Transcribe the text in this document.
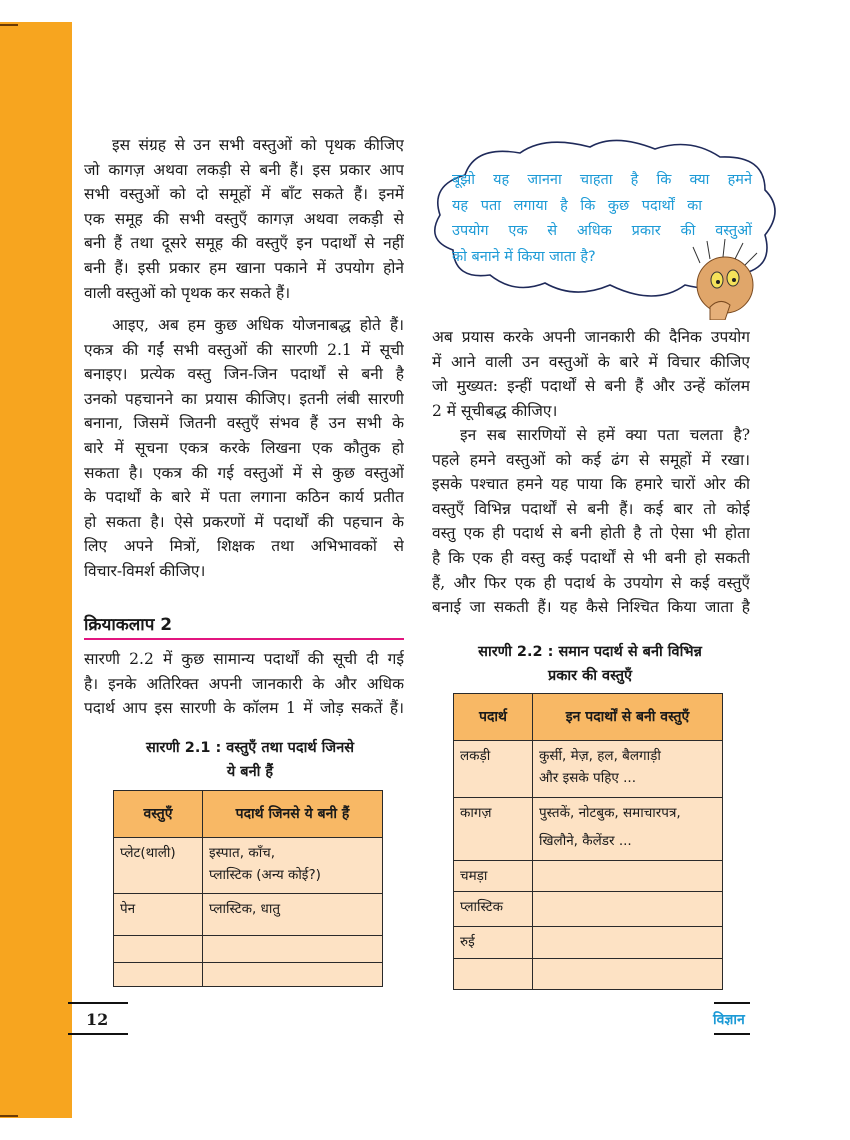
इस संग्रह से उन सभी वस्तुओं को पृथक कीजिए
जो कागज़ अथवा लकड़ी से बनी हैं। इस प्रकार आप
सभी वस्तुओं को दो समूहों में बाँट सकते हैं। इनमें
एक समूह की सभी वस्तुएँ कागज़ अथवा लकड़ी से
बनी हैं तथा दूसरे समूह की वस्तुएँ इन पदार्थों से नहीं
बनी हैं। इसी प्रकार हम खाना पकाने में उपयोग होने
वाली वस्तुओं को पृथक कर सकते हैं।
आइए, अब हम कुछ अधिक योजनाबद्ध होते हैं।
एकत्र की गईं सभी वस्तुओं की सारणी 2.1 में सूची
बनाइए। प्रत्येक वस्तु जिन-जिन पदार्थों से बनी है
उनको पहचानने का प्रयास कीजिए। इतनी लंबी सारणी
बनाना, जिसमें जितनी वस्तुएँ संभव हैं उन सभी के
बारे में सूचना एकत्र करके लिखना एक कौतुक हो
सकता है। एकत्र की गई वस्तुओं में से कुछ वस्तुओं
के पदार्थों के बारे में पता लगाना कठिन कार्य प्रतीत
हो सकता है। ऐसे प्रकरणों में पदार्थों की पहचान के
लिए अपने मित्रों, शिक्षक तथा अभिभावकों से
विचार-विमर्श कीजिए।
क्रियाकलाप 2
सारणी 2.2 में कुछ सामान्य पदार्थों की सूची दी गई
है। इनके अतिरिक्त अपनी जानकारी के और अधिक
पदार्थ आप इस सारणी के कॉलम 1 में जोड़ सकतें हैं।
सारणी 2.1 : वस्तुएँ तथा पदार्थ जिनसे
ये बनी हैं
वस्तुएँ	पदार्थ जिनसे ये बनी हैं
प्लेट(थाली)	इस्पात, काँच,
प्लास्टिक (अन्य कोई?)

पेन	प्लास्टिक, धातु

बूझो यह जानना चाहता है कि क्या हमने
यह पता लगाया है कि कुछ पदार्थों का
उपयोग एक से अधिक प्रकार की वस्तुओं
को बनाने में किया जाता है?
अब प्रयास करके अपनी जानकारी की दैनिक उपयोग
में आने वाली उन वस्तुओं के बारे में विचार कीजिए
जो मुख्यत: इन्हीं पदार्थों से बनी हैं और उन्हें कॉलम
2 में सूचीबद्ध कीजिए।
इन सब सारणियों से हमें क्या पता चलता है?
पहले हमने वस्तुओं को कई ढंग से समूहों में रखा।
इसके पश्चात हमने यह पाया कि हमारे चारों ओर की
वस्तुएँ विभिन्न पदार्थों से बनी हैं। कई बार तो कोई
वस्तु एक ही पदार्थ से बनी होती है तो ऐसा भी होता
है कि एक ही वस्तु कई पदार्थों से भी बनी हो सकती
हैं, और फिर एक ही पदार्थ के उपयोग से कई वस्तुएँ
बनाई जा सकती हैं। यह कैसे निश्चित किया जाता है
सारणी 2.2 : समान पदार्थ से बनी विभिन्न
प्रकार की वस्तुएँ
पदार्थ	इन पदार्थों से बनी वस्तुएँ
लकड़ी	कुर्सी, मेज़, हल, बैलगाड़ी
और इसके पहिए ...

कागज़	पुस्तकें, नोटबुक, समाचारपत्र,
खिलौने, कैलेंडर ...

चमड़ा	
प्लास्टिक	
रुई	

12	विज्ञान
